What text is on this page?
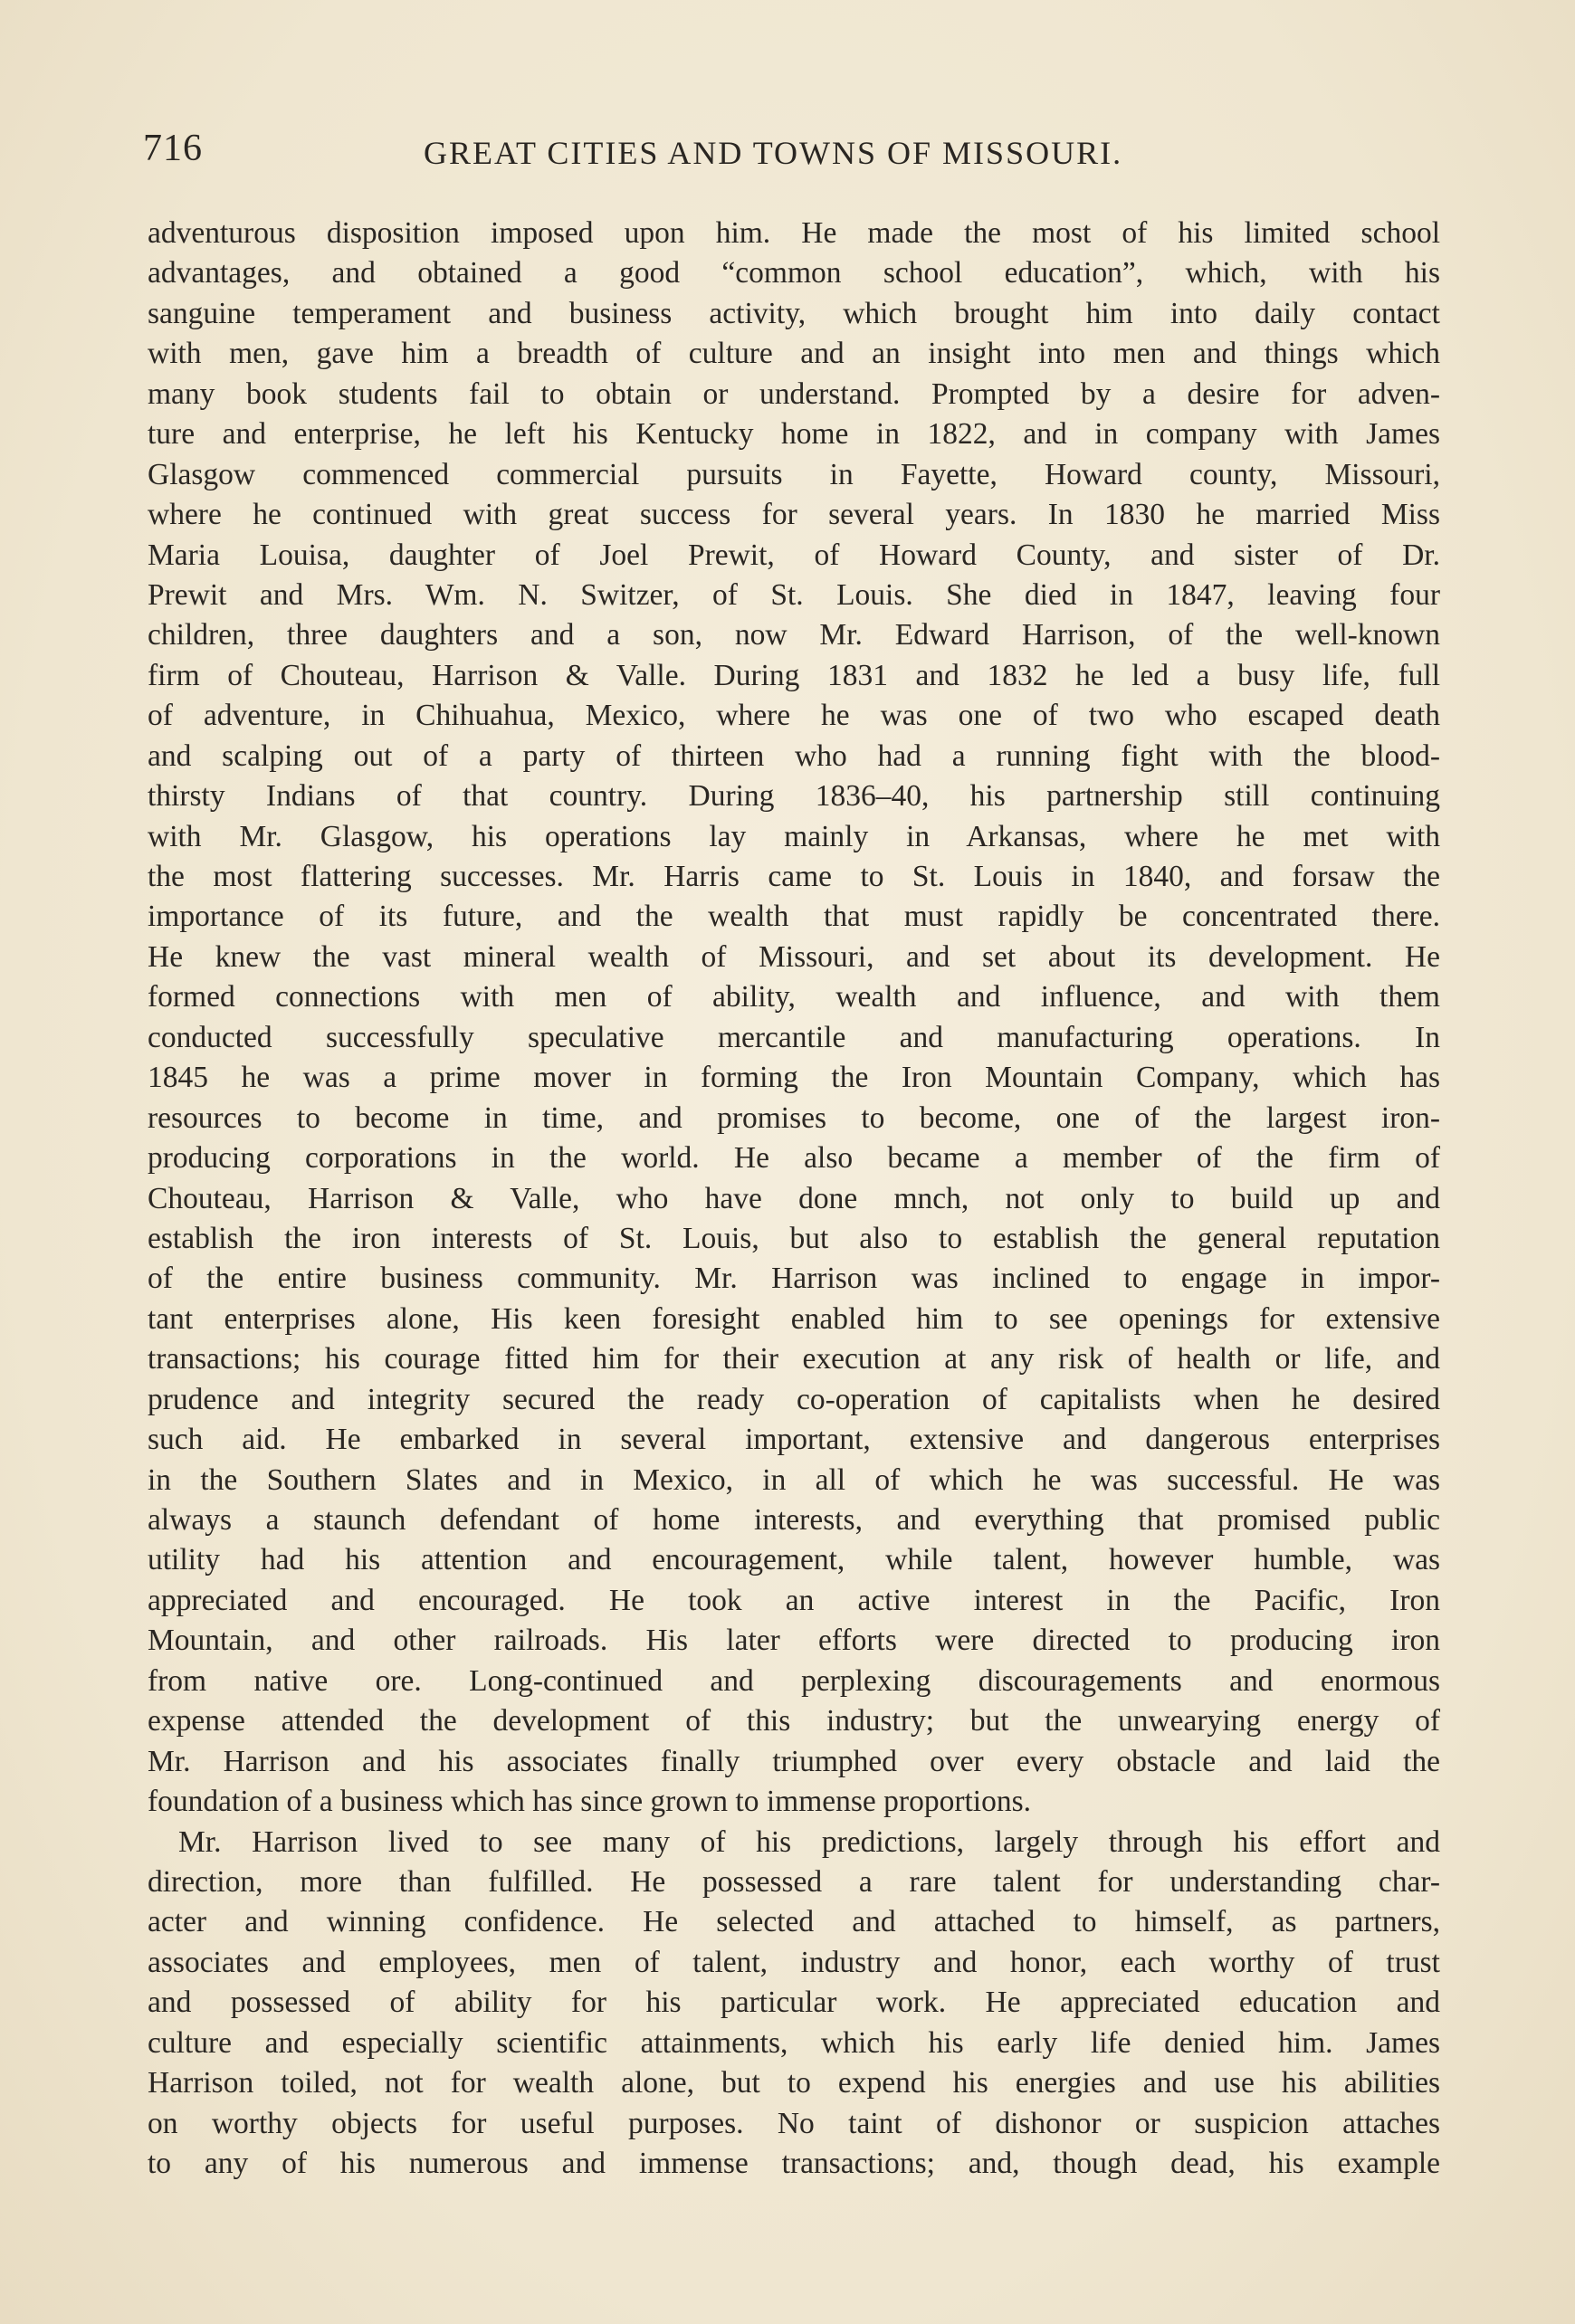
716	GREAT CITIES AND TOWNS OF MISSOURI.
adventurous disposition imposed upon him. He made the most of his limited school
advantages, and obtained a good “common school education”, which, with his
sanguine temperament and business activity, which brought him into daily contact
with men, gave him a breadth of culture and an insight into men and things which
many book students fail to obtain or understand. Prompted by a desire for adven-
ture and enterprise, he left his Kentucky home in 1822, and in company with James
Glasgow commenced commercial pursuits in Fayette, Howard county, Missouri,
where he continued with great success for several years. In 1830 he married Miss
Maria Louisa, daughter of Joel Prewit, of Howard County, and sister of Dr.
Prewit and Mrs. Wm. N. Switzer, of St. Louis. She died in 1847, leaving four
children, three daughters and a son, now Mr. Edward Harrison, of the well-known
firm of Chouteau, Harrison & Valle. During 1831 and 1832 he led a busy life, full
of adventure, in Chihuahua, Mexico, where he was one of two who escaped death
and scalping out of a party of thirteen who had a running fight with the blood-
thirsty Indians of that country. During 1836–40, his partnership still continuing
with Mr. Glasgow, his operations lay mainly in Arkansas, where he met with
the most flattering successes. Mr. Harris came to St. Louis in 1840, and forsaw the
importance of its future, and the wealth that must rapidly be concentrated there.
He knew the vast mineral wealth of Missouri, and set about its development. He
formed connections with men of ability, wealth and influence, and with them
conducted successfully speculative mercantile and manufacturing operations. In
1845 he was a prime mover in forming the Iron Mountain Company, which has
resources to become in time, and promises to become, one of the largest iron-
producing corporations in the world. He also became a member of the firm of
Chouteau, Harrison & Valle, who have done mnch, not only to build up and
establish the iron interests of St. Louis, but also to establish the general reputation
of the entire business community. Mr. Harrison was inclined to engage in impor-
tant enterprises alone, His keen foresight enabled him to see openings for extensive
transactions; his courage fitted him for their execution at any risk of health or life, and
prudence and integrity secured the ready co-operation of capitalists when he desired
such aid. He embarked in several important, extensive and dangerous enterprises
in the Southern Slates and in Mexico, in all of which he was successful. He was
always a staunch defendant of home interests, and everything that promised public
utility had his attention and encouragement, while talent, however humble, was
appreciated and encouraged. He took an active interest in the Pacific, Iron
Mountain, and other railroads. His later efforts were directed to producing iron
from native ore. Long-continued and perplexing discouragements and enormous
expense attended the development of this industry; but the unwearying energy of
Mr. Harrison and his associates finally triumphed over every obstacle and laid the
foundation of a business which has since grown to immense proportions.
Mr. Harrison lived to see many of his predictions, largely through his effort and
direction, more than fulfilled. He possessed a rare talent for understanding char-
acter and winning confidence. He selected and attached to himself, as partners,
associates and employees, men of talent, industry and honor, each worthy of trust
and possessed of ability for his particular work. He appreciated education and
culture and especially scientific attainments, which his early life denied him. James
Harrison toiled, not for wealth alone, but to expend his energies and use his abilities
on worthy objects for useful purposes. No taint of dishonor or suspicion attaches
to any of his numerous and immense transactions; and, though dead, his example
